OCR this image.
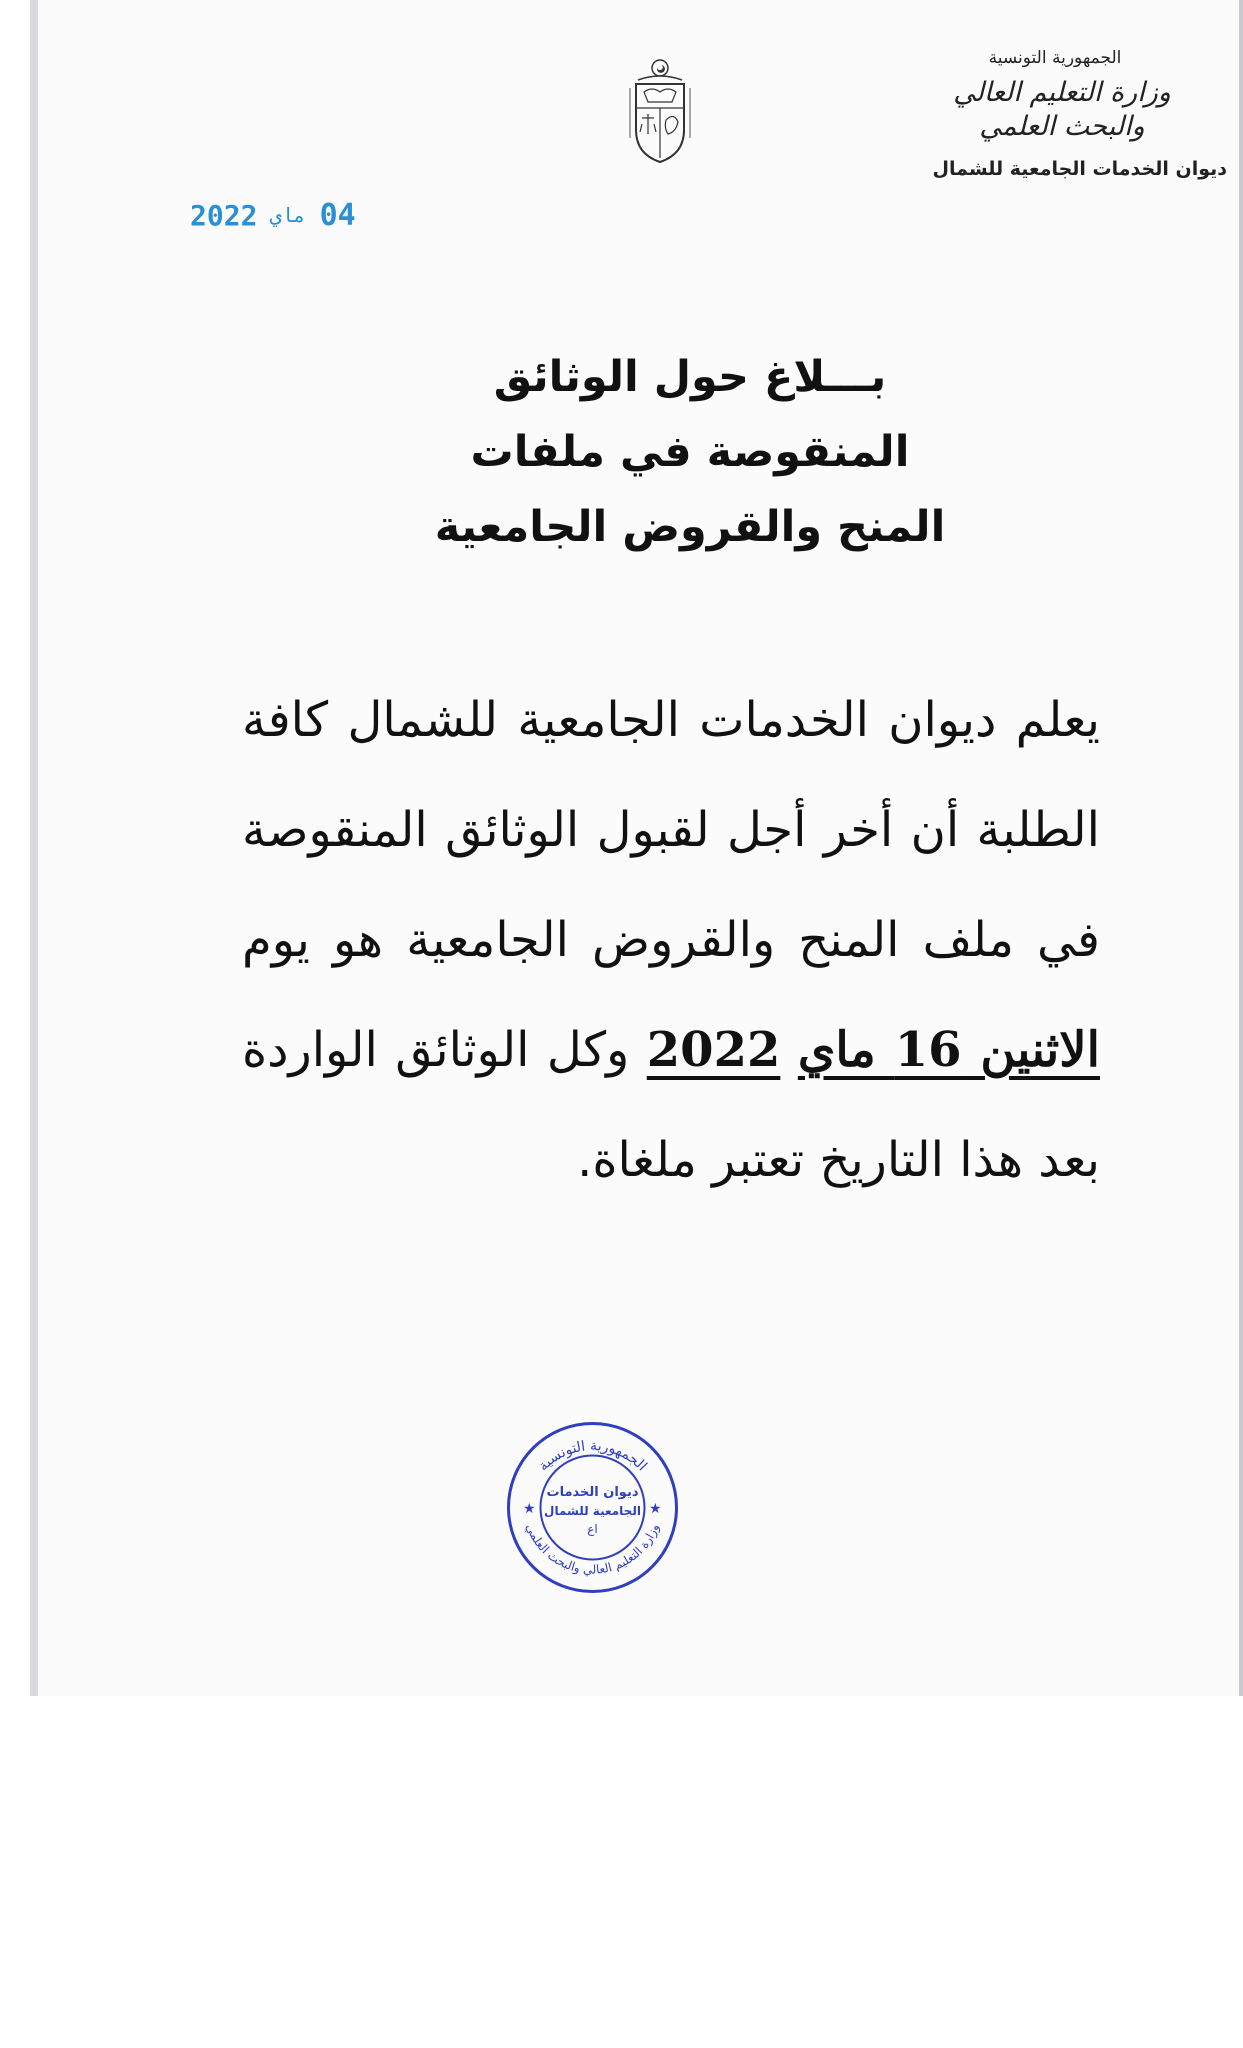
الجمهورية التونسية
وزارة التعليم العالي
والبحث العلمي
ديوان الخدمات الجامعية للشمال
2022 ماي 04
بـــلاغ حول الوثائق
المنقوصة في ملفات
المنح والقروض الجامعية
يعلم ديوان الخدمات الجامعية للشمال كافة الطلبة أن أخر أجل لقبول الوثائق المنقوصة في ملف المنح والقروض الجامعية هو يوم الاثنين 16 ماي 2022 وكل الوثائق الواردة بعد هذا التاريخ تعتبر ملغاة.
الجمهورية التونسية
وزارة التعليم العالي والبحث العلمي
★	★
ديوان الخدمات
الجامعية للشمال
اع
